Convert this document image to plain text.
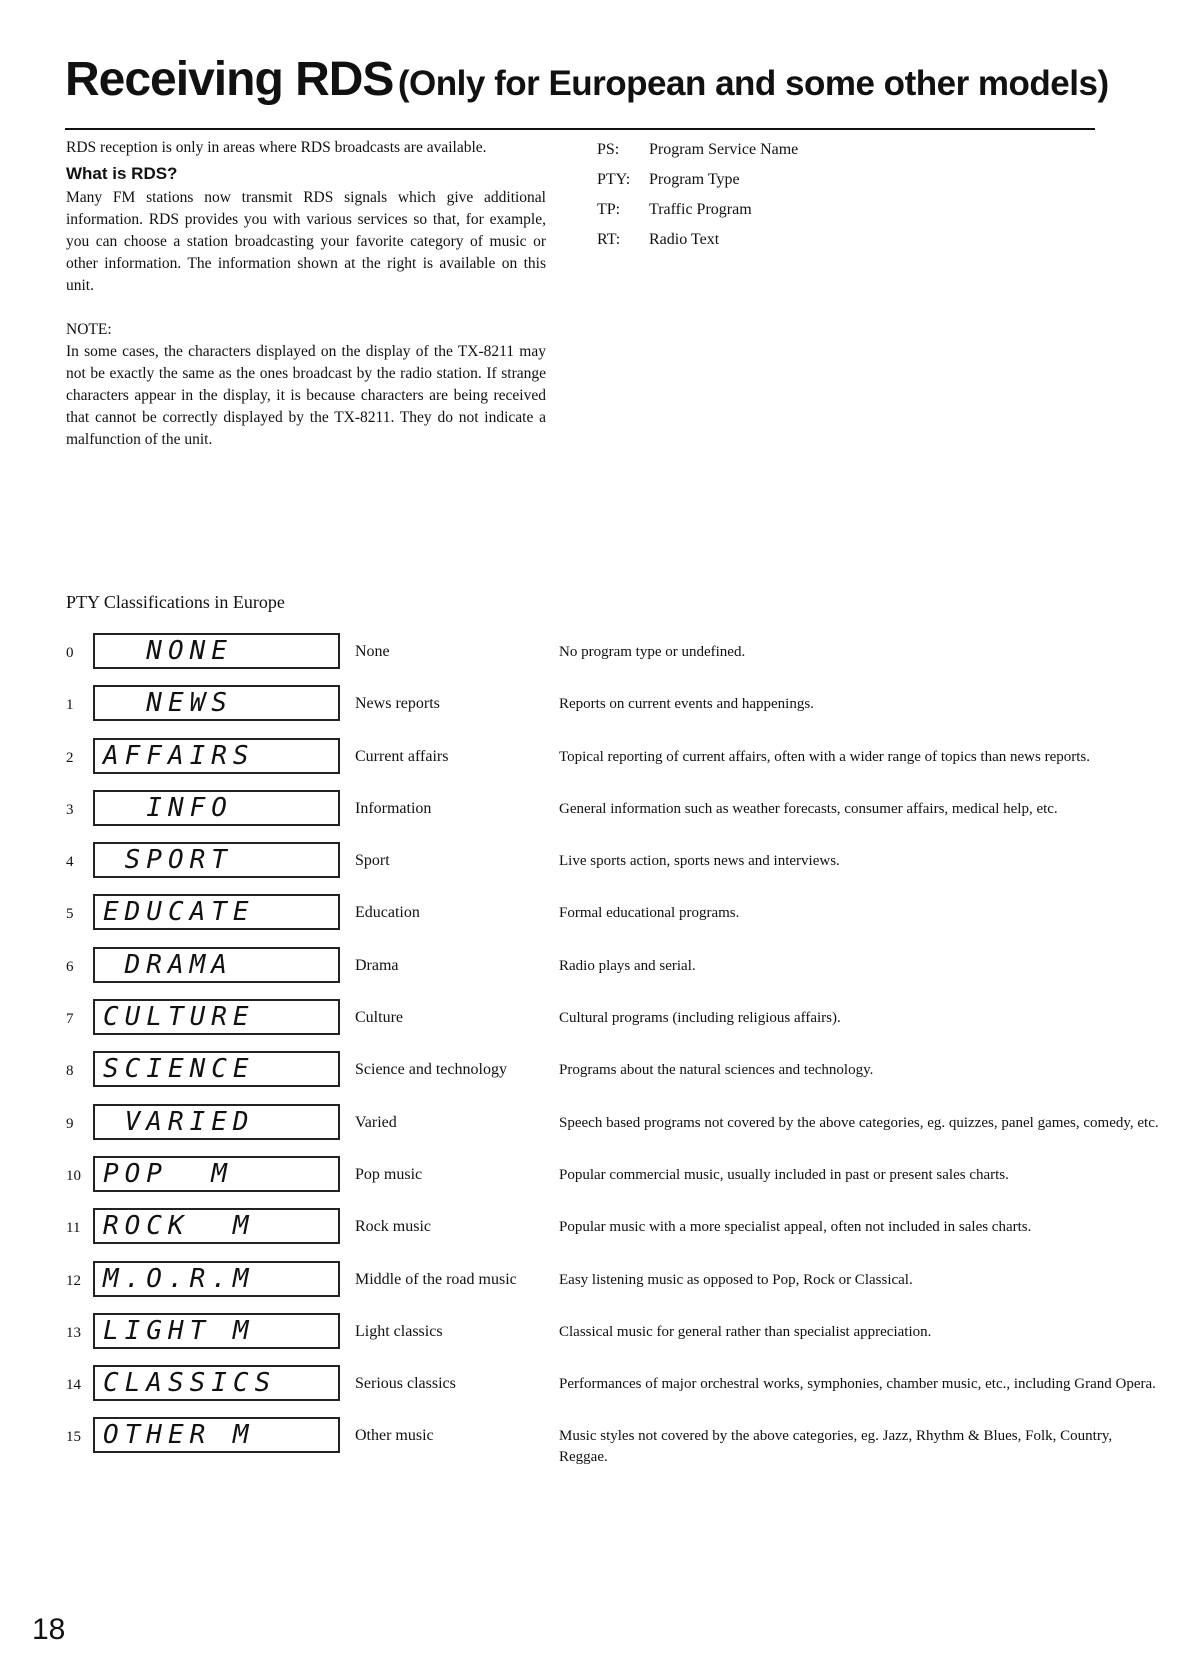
Receiving RDS (Only for European and some other models)

RDS reception is only in areas where RDS broadcasts are available.

What is RDS?

Many FM stations now transmit RDS signals which give additional information. RDS provides you with various services so that, for example, you can choose a station broadcasting your favorite category of music or other information. The information shown at the right is available on this unit.

NOTE:

In some cases, the characters displayed on the display of the TX-8211 may not be exactly the same as the ones broadcast by the radio station. If strange characters appear in the display, it is because characters are being received that cannot be correctly displayed by the TX-8211. They do not indicate a malfunction of the unit.

PS:	Program Service Name
PTY:	Program Type
TP:	Traffic Program
RT:	Radio Text
PTY Classifications in Europe
0	NONE	None	No program type or undefined.
1	NEWS	News reports	Reports on current events and happenings.
2	AFFAIRS	Current affairs	Topical reporting of current affairs, often with a wider range of topics than news reports.
3	INFO	Information	General information such as weather forecasts, consumer affairs, medical help, etc.
4	SPORT	Sport	Live sports action, sports news and interviews.
5	EDUCATE	Education	Formal educational programs.
6	DRAMA	Drama	Radio plays and serial.
7	CULTURE	Culture	Cultural programs (including religious affairs).
8	SCIENCE	Science and technology	Programs about the natural sciences and technology.
9	VARIED	Varied	Speech based programs not covered by the above categories, eg. quizzes, panel games, comedy, etc.
10 POP  M	Pop music	Popular commercial music, usually included in past or present sales charts.
11 ROCK  M	Rock music	Popular music with a more specialist appeal, often not included in sales charts.
12 M.O.R.M	Middle of the road music	Easy listening music as opposed to Pop, Rock or Classical.
13 LIGHT M	Light classics	Classical music for general rather than specialist appreciation.
14 CLASSICS	Serious classics	Performances of major orchestral works, symphonies, chamber music, etc., including Grand Opera.
15 OTHER M	Other music	Music styles not covered by the above categories, eg. Jazz, Rhythm & Blues, Folk, Country, Reggae.
18
